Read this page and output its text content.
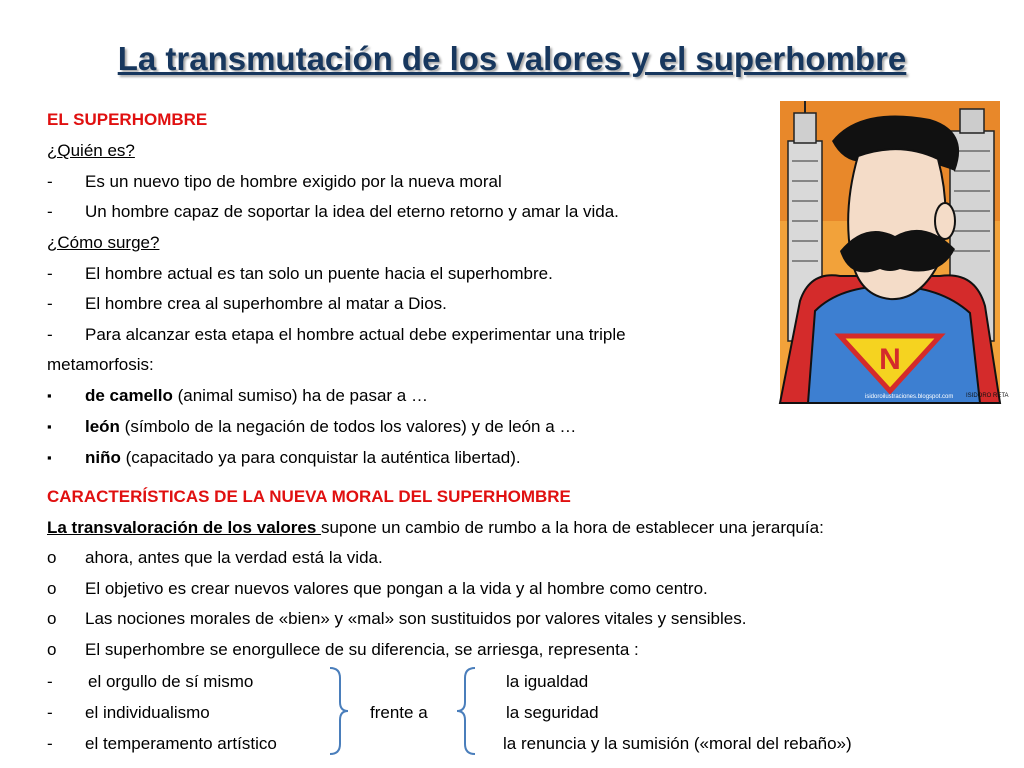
La transmutación de los valores y el superhombre
EL SUPERHOMBRE
¿Quién es?
- Es un nuevo tipo de hombre exigido por la nueva moral
- Un hombre capaz de soportar la idea del eterno retorno y amar la vida.
¿Cómo surge?
- El hombre actual es tan solo un puente hacia el superhombre.
- El hombre crea al superhombre al matar a Dios.
- Para alcanzar esta etapa el hombre actual debe experimentar una triple
metamorfosis:
▪ de camello (animal sumiso) ha de pasar a …
▪ león (símbolo de la negación de todos los valores) y de león a …
▪ niño (capacitado ya para conquistar la auténtica libertad).
CARACTERÍSTICAS DE LA NUEVA MORAL DEL SUPERHOMBRE
La transvaloración de los valores supone un cambio de rumbo a la hora de establecer una jerarquía:
o ahora, antes que la verdad está la vida.
o El objetivo es crear nuevos valores que pongan a la vida y al hombre como centro.
o Las nociones morales de «bien» y «mal» son sustituidos por valores vitales y sensibles.
o El superhombre se enorgullece de su diferencia, se arriesga, representa :
- el orgullo de sí mismo
- el individualismo
- el temperamento artístico
frente a
la igualdad
la seguridad
la renuncia y la sumisión («moral del rebaño»)
N
isidoroilustraciones.blogspot.com ISIDORO RETA
